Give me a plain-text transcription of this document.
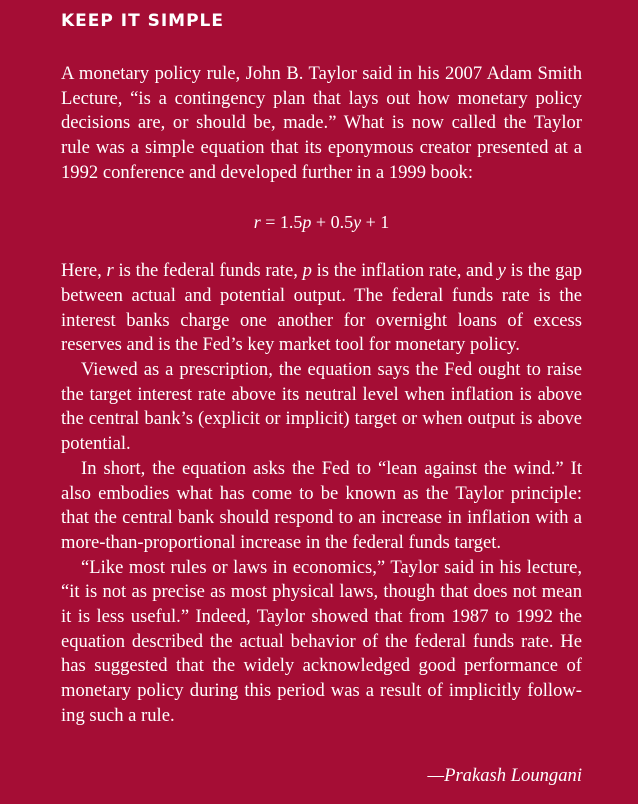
KEEP IT SIMPLE

A monetary policy rule, John B. Taylor said in his 2007 Adam Smith Lecture, “is a contingency plan that lays out how monetary policy decisions are, or should be, made.” What is now called the Taylor rule was a simple equation that its eponymous creator presented at a 1992 conference and developed further in a 1999 book:

r = 1.5p + 0.5y + 1

Here, r is the federal funds rate, p is the inflation rate, and y is the gap between actual and potential output. The federal funds rate is the interest banks charge one another for overnight loans of excess reserves and is the Fed’s key market tool for monetary policy.

Viewed as a prescription, the equation says the Fed ought to raise the target interest rate above its neutral level when inflation is above the central bank’s (explicit or implicit) target or when output is above potential.

In short, the equation asks the Fed to “lean against the wind.” It also embodies what has come to be known as the Taylor principle: that the central bank should respond to an increase in inflation with a more-than-proportional increase in the federal funds target.

“Like most rules or laws in economics,” Taylor said in his lecture, “it is not as precise as most physical laws, though that does not mean it is less useful.” Indeed, Taylor showed that from 1987 to 1992 the equation described the actual behavior of the federal funds rate. He has suggested that the widely acknowledged good performance of monetary policy during this period was a result of implicitly following such a rule.

—Prakash Loungani
